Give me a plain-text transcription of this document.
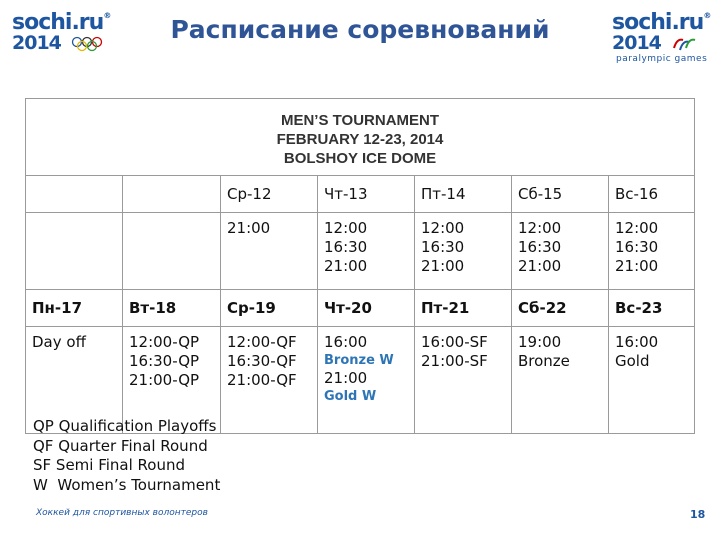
sochi.ru®
2014	Расписание соревнований	sochi.ru®
2014
paralympic games
MEN’S TOURNAMENT
FEBRUARY 12-23, 2014
BOLSHOY ICE DOME						

		Ср-12	Чт-13	Пт-14	Сб-15	Вс-16

		21:00	12:00
16:30
21:00	12:00
16:30
21:00	12:00
16:30
21:00	12:00
16:30
21:00

Пн-17	Вт-18	Ср-19	Чт-20	Пт-21	Сб-22	Вс-23

Day off	12:00-QP
16:30-QP
21:00-QP	12:00-QF
16:30-QF
21:00-QF	16:00
Bronze W
21:00
Gold W	16:00-SF
21:00-SF	19:00
Bronze	16:00
Gold
QP Qualification Playoffs
QF Quarter Final Round
SF Semi Final Round
W  Women’s Tournament
Хоккей для спортивных волонтеров	18
